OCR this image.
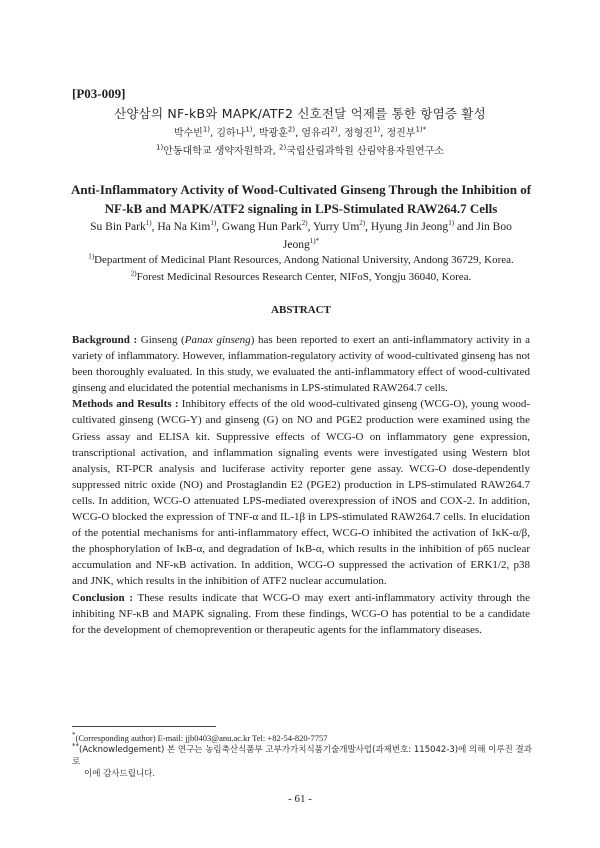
[P03-009]
산양삼의 NF-kB와 MAPK/ATF2 신호전달 억제를 통한 항염증 활성
박수빈$^{1)}$, 김하나$^{1)}$, 박광훈$^{2)}$, 엄유리$^{2)}$, 정형진$^{1)}$, 정진부$^{1)*}$
$^{1)}$안동대학교 생약자원학과, $^{2)}$국립산림과학원 산림약용자원연구소
Anti-Inflammatory Activity of Wood-Cultivated Ginseng Through the Inhibition of NF-kB and MAPK/ATF2 signaling in LPS-Stimulated RAW264.7 Cells
Su Bin Park$^{1)}$, Ha Na Kim$^{1)}$, Gwang Hun Park$^{2)}$, Yurry Um$^{2)}$, Hyung Jin Jeong$^{1)}$ and Jin Boo Jeong$^{1)*}$
$^{1)}$Department of Medicinal Plant Resources, Andong National University, Andong 36729, Korea.
$^{2)}$Forest Medicinal Resources Research Center, NIFoS, Yongju 36040, Korea.
ABSTRACT

Background : Ginseng (Panax ginseng) has been reported to exert an anti-inflammatory activity in a variety of inflammatory. However, inflammation-regulatory activity of wood-cultivated ginseng has not been thoroughly evaluated. In this study, we evaluated the anti-inflammatory effect of wood-cultivated ginseng and elucidated the potential mechanisms in LPS-stimulated RAW264.7 cells.

Methods and Results : Inhibitory effects of the old wood-cultivated ginseng (WCG-O), young wood-cultivated ginseng (WCG-Y) and ginseng (G) on NO and PGE2 production were examined using the Griess assay and ELISA kit. Suppressive effects of WCG-O on inflammatory gene expression, transcriptional activation, and inflammation signaling events were investigated using Western blot analysis, RT-PCR analysis and luciferase activity reporter gene assay. WCG-O dose-dependently suppressed nitric oxide (NO) and Prostaglandin E2 (PGE2) production in LPS-stimulated RAW264.7 cells. In addition, WCG-O attenuated LPS-mediated overexpression of iNOS and COX-2. In addition, WCG-O blocked the expression of TNF-α and IL-1β in LPS-stimulated RAW264.7 cells. In elucidation of the potential mechanisms for anti-inflammatory effect, WCG-O inhibited the activation of IκK-α/β, the phosphorylation of IκB-α, and degradation of IκB-α, which results in the inhibition of p65 nuclear accumulation and NF-κB activation. In addition, WCG-O suppressed the activation of ERK1/2, p38 and JNK, which results in the inhibition of ATF2 nuclear accumulation.

Conclusion : These results indicate that WCG-O may exert anti-inflammatory activity through the inhibiting NF-κB and MAPK signaling. From these findings, WCG-O has potential to be a candidate for the development of chemoprevention or therapeutic agents for the inflammatory diseases.

*(Corresponding author) E-mail: jjb0403@anu.ac.kr Tel: +82-54-820-7757
**(Acknowledgement) 본 연구는 농림축산식품부 고부가가치식품기술개발사업(과제번호: 115042-3)에 의해 이루진 결과로
이에 감사드립니다.
- 61 -
